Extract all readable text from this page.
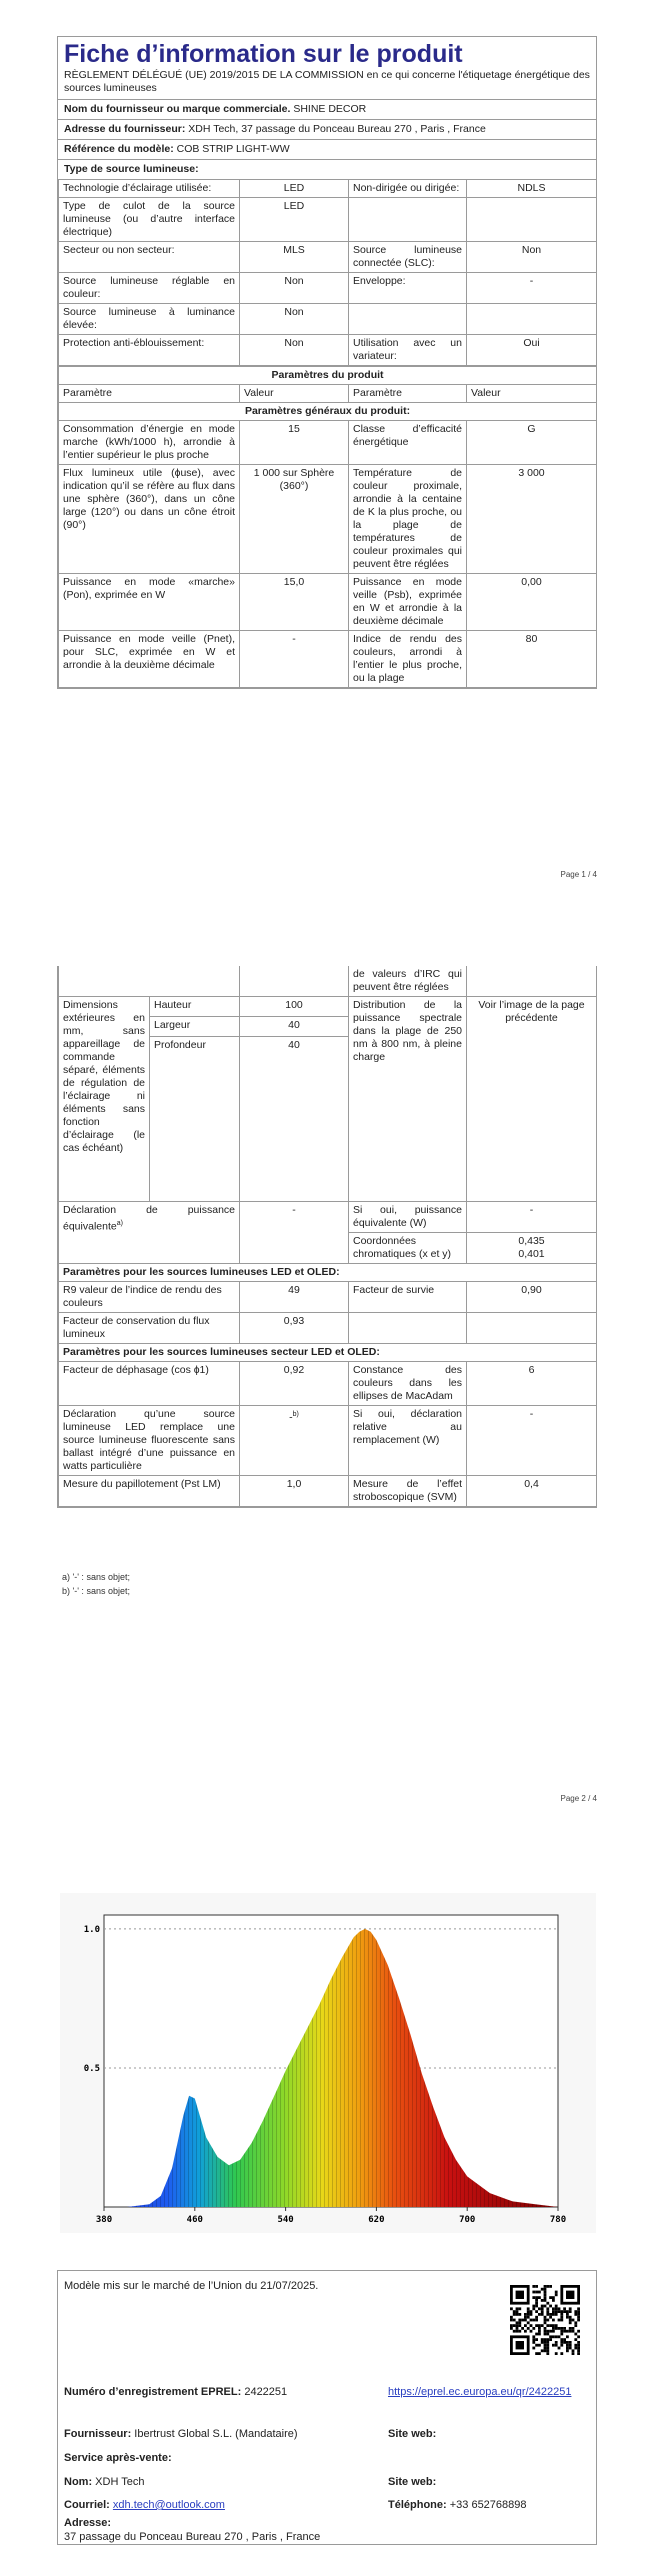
Fiche d’information sur le produit
RÈGLEMENT DÉLÉGUÉ (UE) 2019/2015 DE LA COMMISSION en ce qui concerne l'étiquetage énergétique des sources lumineuses
Nom du fournisseur ou marque commerciale. SHINE DECOR
Adresse du fournisseur: XDH Tech, 37 passage du Ponceau Bureau 270 , Paris , France
Référence du modèle: COB STRIP LIGHT-WW
Type de source lumineuse:
Technologie d’éclairage utilisée:	LED	Non-dirigée ou dirigée:	NDLS
Type de culot de la source lumineuse (ou d’autre interface électrique)	LED		
Secteur ou non secteur:	MLS	Source lumineuse connectée (SLC):	Non
Source lumineuse réglable en couleur:	Non	Enveloppe:	-
Source lumineuse à luminance élevée:	Non		
Protection anti-éblouissement:	Non	Utilisation avec un variateur:	Oui
Paramètres du produit			
Paramètre	Valeur	Paramètre	Valeur
Paramètres généraux du produit:			
Consommation d’énergie en mode marche (kWh/1000 h), arrondie à l’entier supérieur le plus proche	15	Classe d’efficacité énergétique	G
Flux lumineux utile (ɸuse), avec indication qu’il se réfère au flux dans une sphère (360°), dans un cône large (120°) ou dans un cône étroit (90°)	1 000 sur Sphère (360°)	Température de couleur proximale, arrondie à la centaine de K la plus proche, ou la plage de températures de couleur proximales qui peuvent être réglées	3 000
Puissance en mode «marche» (Pon), exprimée en W	15,0	Puissance en mode veille (Psb), exprimée en W et arrondie à la deuxième décimale	0,00
Puissance en mode veille (Pnet), pour SLC, exprimée en W et arrondie à la deuxième décimale	-	Indice de rendu des couleurs, arrondi à l’entier le plus proche, ou la plage	80
Page 1 / 4
			de valeurs d’IRC qui peuvent être réglées	
Dimensions extérieures en mm, sans appareillage de commande séparé, éléments de régulation de l’éclairage ni éléments sans fonction d’éclairage (le cas échéant)	Hauteur	100	Distribution de la puissance spectrale dans la plage de 250 nm à 800 nm, à pleine charge	Voir l’image de la page précédente
	Largeur	40		
	Profondeur	40		
Déclaration de puissance équivalente$^{a)}$		-	Si oui, puissance équivalente (W)	-
			Coordonnées chromatiques (x et y)	0,435
0,401
Paramètres pour les sources lumineuses LED et OLED:				
R9 valeur de l’indice de rendu des couleurs		49	Facteur de survie	0,90
Facteur de conservation du flux lumineux		0,93		
Paramètres pour les sources lumineuses secteur LED et OLED:				
Facteur de déphasage (cos ɸ1)		0,92	Constance des couleurs dans les ellipses de MacAdam	6
Déclaration qu’une source lumineuse LED remplace une source lumineuse fluorescente sans ballast intégré d’une puissance en watts particulière		-$^{b)}$	Si oui, déclaration relative au remplacement (W)	-
Mesure du papillotement (Pst LM)		1,0	Mesure de l’effet stroboscopique (SVM)	0,4
a) '-' : sans objet;
b) '-' : sans objet;
Page 2 / 4
380	460	540	620	700	780
1.0
0.5
Modèle mis sur le marché de l’Union du 21/07/2025.
Numéro d’enregistrement EPREL: 2422251	https://eprel.ec.europa.eu/qr/2422251
Fournisseur: Ibertrust Global S.L. (Mandataire)	Site web:
Service après-vente:
Nom: XDH Tech	Site web:
Courriel: xdh.tech@outlook.com	Téléphone: +33 652768898
Adresse:
37 passage du Ponceau Bureau 270 , Paris , France
